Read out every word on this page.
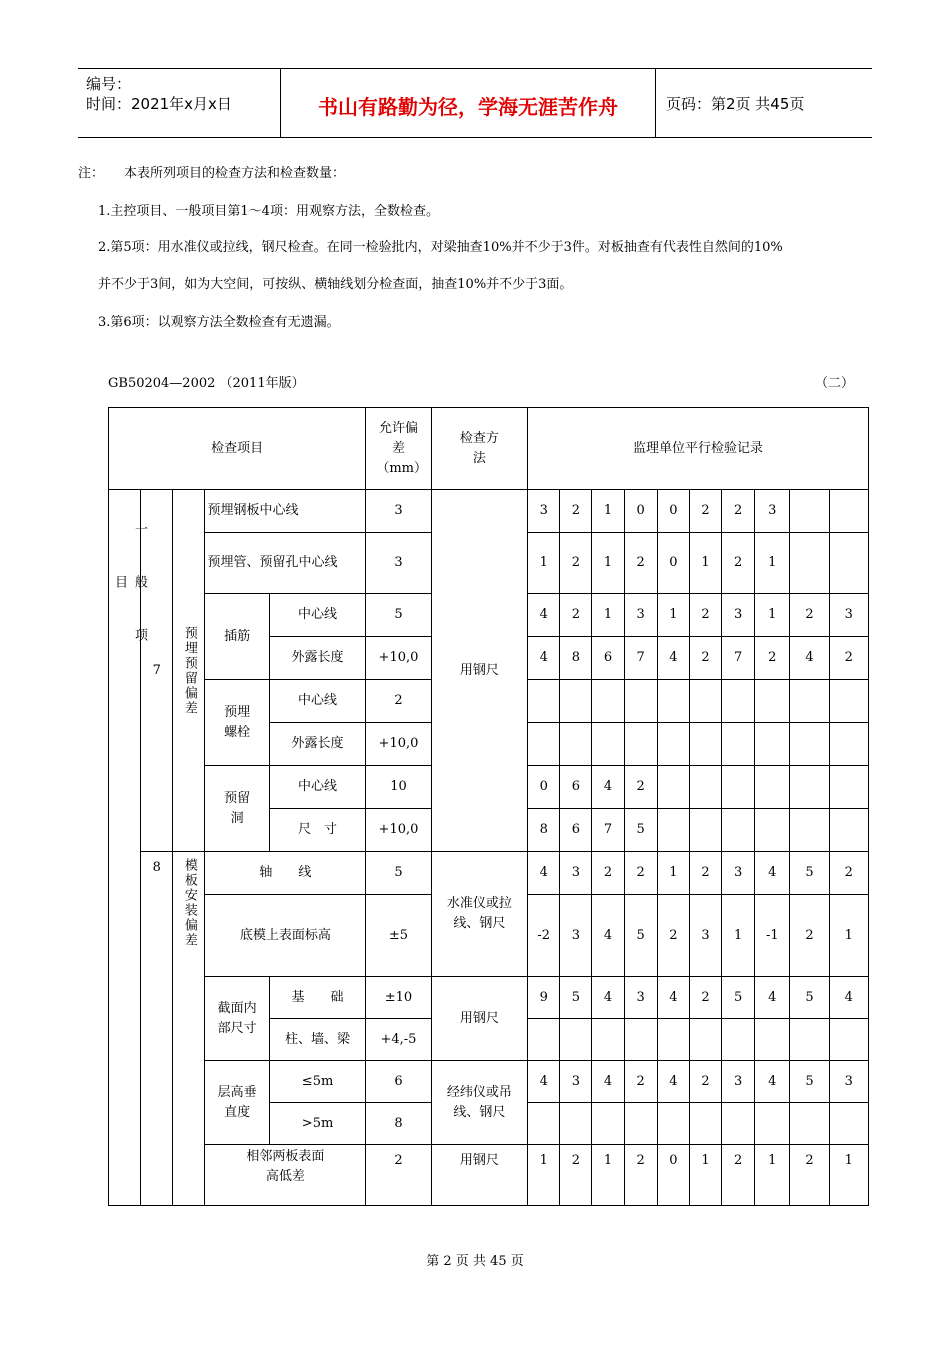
编号：
时间：2021年x月x日	书山有路勤为径，学海无涯苦作舟	页码：第2页 共45页
注： 本表所列项目的检查方法和检查数量：
1.主控项目、一般项目第1～4项：用观察方法，全数检查。
2.第5项：用水准仪或拉线，钢尺检查。在同一检验批内，对梁抽查10%并不少于3件。对板抽查有代表性自然间的10%
并不少于3间，如为大空间，可按纵、横轴线划分检查面，抽查10%并不少于3面。
3.第6项：以观察方法全数检查有无遗漏。
GB50204—2002 （2011年版）	（二）
检查项目					允许偏差（mm）	检查方法	监理单位平行检验记录									

一般项目	7	预埋预留偏差	预埋钢板中心线		3	用钢尺	3	2	1	0	0	2	2	3		
			预埋管、预留孔中心线		3		1	2	1	2	0	1	2	1		
			插筋	中心线	5		4	2	1	3	1	2	3	1	2	3
				外露长度	+10,0		4	8	6	7	4	2	7	2	4	2
			预埋螺栓	中心线	2											
				外露长度	+10,0											
			预留洞	中心线	10		0	6	4	2						
				尺　寸	+10,0		8	6	7	5						
	8	模板安装偏差	轴　　线		5	水准仪或拉线、钢尺	4	3	2	2	1	2	3	4	5	2
			底模上表面标高		±5		-2	3	4	5	2	3	1	-1	2	1
			截面内部尺寸	基　　础	±10	用钢尺	9	5	4	3	4	2	5	4	5	4
				柱、墙、梁	+4,-5											
			层高垂直度	≤5m	6	经纬仪或吊线、钢尺	4	3	4	2	4	2	3	4	5	3
				>5m	8											
			相邻两板表面高低差		2	用钢尺	1	2	1	2	0	1	2	1	2	1
第 2 页 共 45 页
